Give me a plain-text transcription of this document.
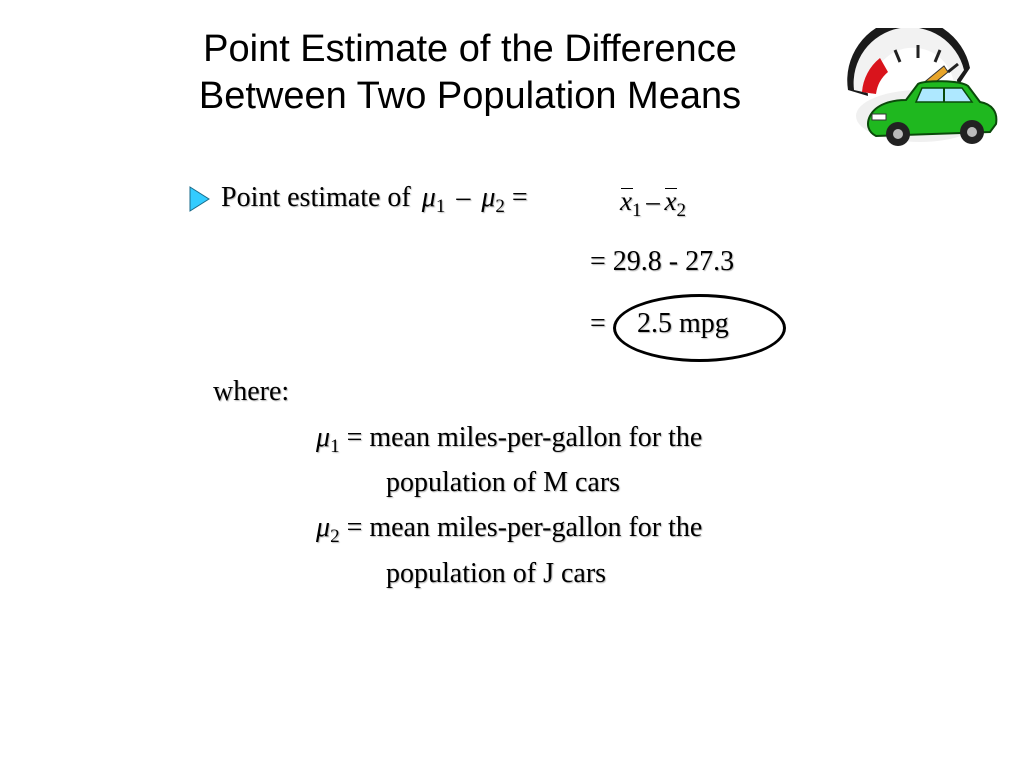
Point Estimate of the Difference
Between Two Population Means
Point estimate of $\mu_1 - \mu_2$ =	$x_1 - x_2$
= 29.8 - 27.3
= 2.5 mpg
where:
$\mu_1$ = mean miles-per-gallon for the
population of M cars
$\mu_2$ = mean miles-per-gallon for the
population of J cars
